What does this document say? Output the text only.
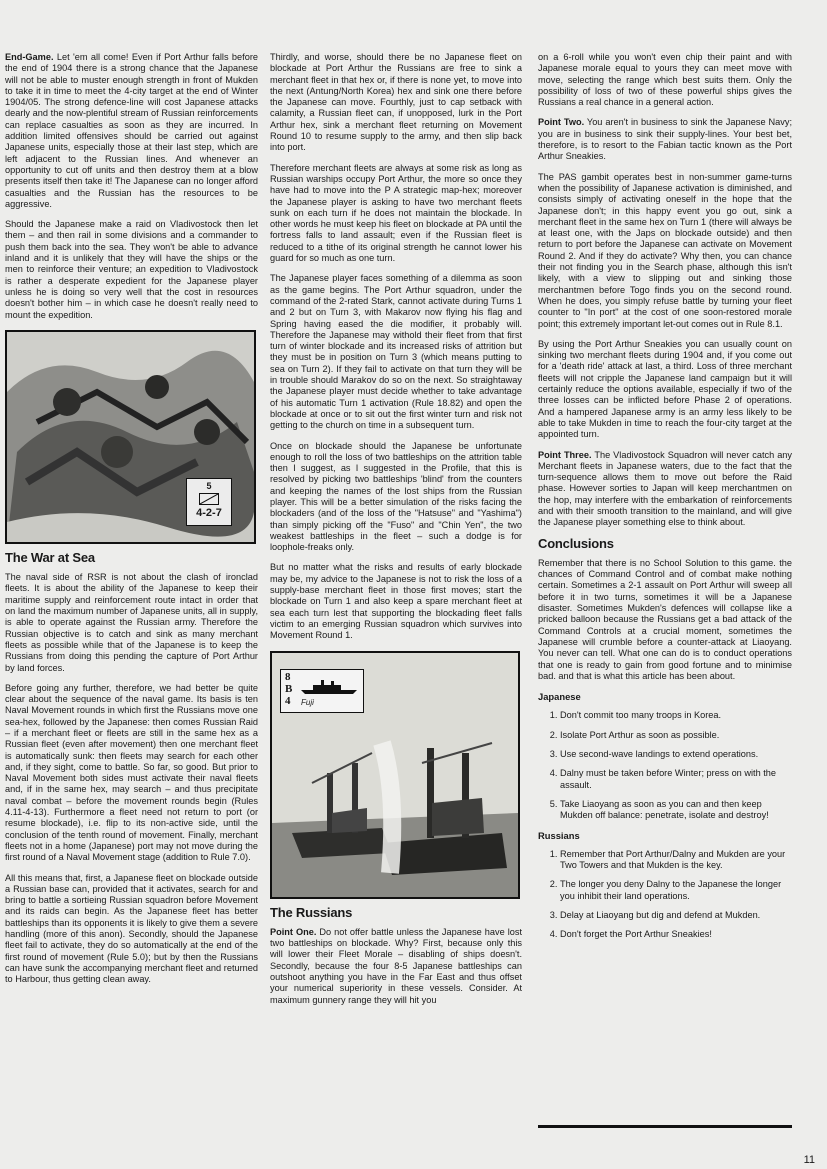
End-Game. Let 'em all come! Even if Port Arthur falls before the end of 1904 there is a strong chance that the Japanese will not be able to muster enough strength in front of Mukden to take it in time to meet the 4-city target at the end of Winter 1904/05. The strong defence-line will cost Japanese attacks dearly and the now-plentiful stream of Russian reinforcements can replace casualties as soon as they are incurred. In addition limited offensives should be carried out against Japanese units, especially those at their last step, which are left adjacent to the Russian lines. And whenever an opportunity to cut off units and then destroy them at a blow presents itself then take it! The Japanese can no longer afford casualties and the Russian has the resources to be aggressive.

Should the Japanese make a raid on Vladivostock then let them – and then rail in some divisions and a commander to push them back into the sea. They won't be able to advance inland and it is unlikely that they will have the ships or the men to reinforce their venture; an expedition to Vladivostock is rather a desperate expedient for the Japanese player unless he is doing so very well that the cost in resources doesn't bother him – in which case he doesn't really need to mount the expedition.

5
4-2-7
The War at Sea

The naval side of RSR is not about the clash of ironclad fleets. It is about the ability of the Japanese to keep their maritime supply and reinforcement route intact in order that on land the maximum number of Japanese units, all in supply, is able to operate against the Russian army. Therefore the Russian objective is to catch and sink as many merchant fleets as possible while that of the Japanese is to keep the Russians from doing this pending the capture of Port Arthur by land forces.

Before going any further, therefore, we had better be quite clear about the sequence of the naval game. Its basis is ten Naval Movement rounds in which first the Russians move one sea-hex, followed by the Japanese: then comes Russian Raid – if a merchant fleet or fleets are still in the same hex as a Russian fleet (even after movement) then one merchant fleet is automatically sunk: then fleets may search for each other and, if they sight, come to battle. So far, so good. But prior to Naval Movement both sides must activate their naval fleets and, if in the same hex, may search – and thus precipitate naval combat – before the movement rounds begin (Rules 4.11-4-13). Furthermore a fleet need not return to port (or resume blockade), i.e. flip to its non-active side, until the conclusion of the tenth round of movement. Finally, merchant fleets not in a home (Japanese) port may not move during the first round of a Naval Movement stage (addition to Rule 7.0).

All this means that, first, a Japanese fleet on blockade outside a Russian base can, provided that it activates, search for and bring to battle a sortieing Russian squadron before Movement and its raids can begin. As the Japanese fleet has better battleships than its opponents it is likely to give them a severe handling (more of this anon). Secondly, should the Japanese fleet fail to activate, they do so automatically at the end of the first round of movement (Rule 5.0); but by then the Russians can have sunk the accompanying merchant fleet and returned to Harbour, thus getting clean away.

Thirdly, and worse, should there be no Japanese fleet on blockade at Port Arthur the Russians are free to sink a merchant fleet in that hex or, if there is none yet, to move into the next (Antung/North Korea) hex and sink one there before the Japanese can move. Fourthly, just to cap setback with calamity, a Russian fleet can, if unopposed, lurk in the Port Arthur hex, sink a merchant fleet returning on Movement Round 10 to resume supply to the army, and then slip back into port.

Therefore merchant fleets are always at some risk as long as Russian warships occupy Port Arthur, the more so once they have had to move into the P A strategic map-hex; moreover the Japanese player is asking to have two merchant fleets sunk on each turn if he does not maintain the blockade. In other words he must keep his fleet on blockade at PA until the fortress falls to land assault; even if the Russian fleet is reduced to a tithe of its original strength he cannot lower his guard for so much as one turn.

The Japanese player faces something of a dilemma as soon as the game begins. The Port Arthur squadron, under the command of the 2-rated Stark, cannot activate during Turns 1 and 2 but on Turn 3, with Makarov now flying his flag and Spring having eased the die modifier, it probably will. Therefore the Japanese may withold their fleet from that first turn of winter blockade and its increased risks of attrition but they must be in position on Turn 3 (which means putting to sea on Turn 2). If they fail to activate on that turn they will be in trouble should Marakov do so on the next. So straightaway the Japanese player must decide whether to take advantage of his automatic Turn 1 activation (Rule 18.82) and open the blockade at once or to sit out the first winter turn and risk not getting to the church on time in a subsequent turn.

Once on blockade should the Japanese be unfortunate enough to roll the loss of two battleships on the attrition table then I suggest, as I suggested in the Profile, that this is resolved by picking two battleships 'blind' from the counters and keeping the names of the lost ships from the Russian player. This will be a better simulation of the risks facing the blockaders (and of the loss of the "Hatsuse" and "Yashima") than simply picking off the "Fuso" and "Chin Yen", the two weakest battleships in the fleet – such a dodge is for loophole-freaks only.

But no matter what the risks and results of early blockade may be, my advice to the Japanese is not to risk the loss of a supply-base merchant fleet in those first moves; start the blockade on Turn 1 and also keep a spare merchant fleet at sea each turn lest that supporting the blockading fleet falls victim to an emerging Russian squadron which survives into Movement Round 1.

8
B
4 Fuji
The Russians

Point One. Do not offer battle unless the Japanese have lost two battleships on blockade. Why? First, because only this will lower their Fleet Morale – disabling of ships doesn't. Secondly, because the four 8-5 Japanese battleships can outshoot anything you have in the Far East and thus offset your numerical superiority in these vessels. Consider. At maximum gunnery range they will hit you

on a 6-roll while you won't even chip their paint and with Japanese morale equal to yours they can meet move with move, selecting the range which best suits them. Only the possibility of loss of two of these powerful ships gives the Russians a real chance in a general action.

Point Two. You aren't in business to sink the Japanese Navy; you are in business to sink their supply-lines. Your best bet, therefore, is to resort to the Fabian tactic known as the Port Arthur Sneakies.

The PAS gambit operates best in non-summer game-turns when the possibility of Japanese activation is diminished, and consists simply of activating oneself in the hope that the Japanese don't; in this happy event you go out, sink a merchant fleet in the same hex on Turn 1 (there will always be at least one, with the Japs on blockade outside) and then return to port before the Japanese can activate on Movement Round 2. And if they do activate? Why then, you can chance their not finding you in the Search phase, although this isn't likely, with a view to slipping out and sinking those merchantmen before Togo finds you on the second round. When he does, you simply refuse battle by turning your fleet counter to "In port" at the cost of one soon-restored morale point; this extremely important let-out comes out in Rule 8.1.

By using the Port Arthur Sneakies you can usually count on sinking two merchant fleets during 1904 and, if you come out for a 'death ride' attack at last, a third. Loss of three merchant fleets will not cripple the Japanese land campaign but it will certainly reduce the options available, especially if two of the three losses can be inflicted before Phase 2 of operations. And a hampered Japanese army is an army less likely to be able to take Mukden in time to reach the four-city target at the appointed turn.

Point Three. The Vladivostock Squadron will never catch any Merchant fleets in Japanese waters, due to the fact that the turn-sequence allows them to move out before the Raid phase. However sorties to Japan will keep merchantmen on the hop, may interfere with the embarkation of reinforcements and with their smooth transition to the mainland, and will give the Japanese player something else to think about.

Conclusions

Remember that there is no School Solution to this game. the chances of Command Control and of combat make nothing certain. Sometimes a 2-1 assault on Port Arthur will sweep all before it in two turns, sometimes it will be a Japanese disaster. Sometimes Mukden's defences will collapse like a pricked balloon because the Russians get a bad attack of the Command Controls at a crucial moment, sometimes the Japanese will crumble before a counter-attack at Liaoyang. You never can tell. What one can do is to conduct operations that one is ready to gain from good fortune and to minimise bad. and that is what this article has been about.

Japanese
1. Don't commit too many troops in Korea.
2. Isolate Port Arthur as soon as possible.
3. Use second-wave landings to extend operations.
4. Dalny must be taken before Winter; press on with the assault.
5. Take Liaoyang as soon as you can and then keep Mukden off balance: penetrate, isolate and destroy!
Russians
1. Remember that Port Arthur/Dalny and Mukden are your Two Towers and that Mukden is the key.
2. The longer you deny Dalny to the Japanese the longer you inhibit their land operations.
3. Delay at Liaoyang but dig and defend at Mukden.
4. Don't forget the Port Arthur Sneakies!
11
